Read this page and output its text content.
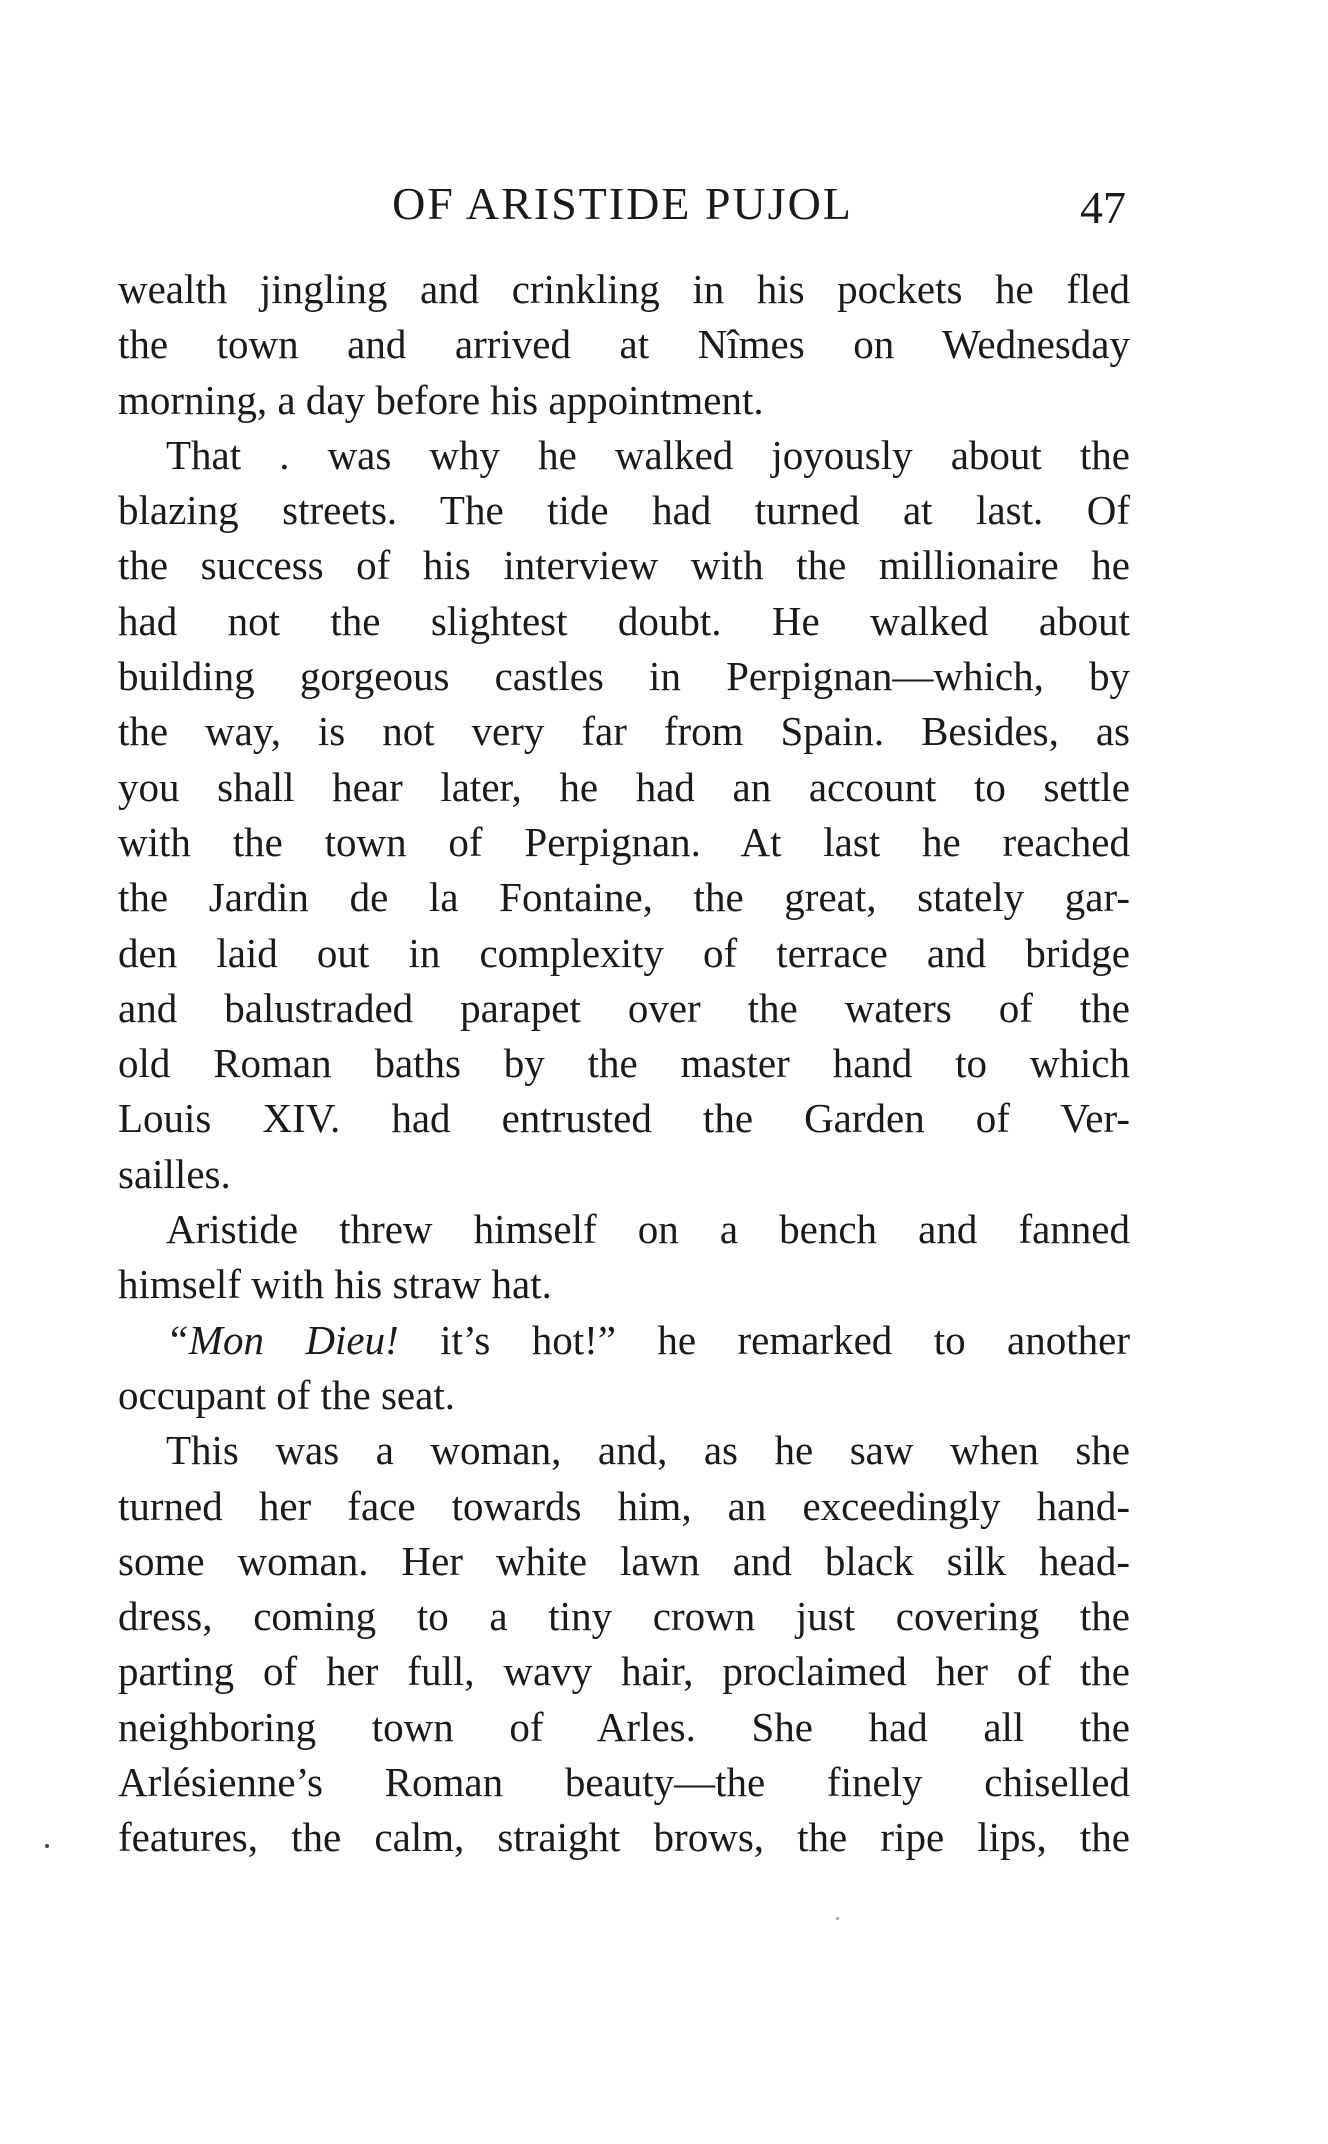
OF ARISTIDE PUJOL	47
wealth jingling and crinkling in his pockets he fled
the town and arrived at Nîmes on Wednesday
morning, a day before his appointment.
That . was why he walked joyously about the
blazing streets. The tide had turned at last. Of
the success of his interview with the millionaire he
had not the slightest doubt. He walked about
building gorgeous castles in Perpignan—which, by
the way, is not very far from Spain. Besides, as
you shall hear later, he had an account to settle
with the town of Perpignan. At last he reached
the Jardin de la Fontaine, the great, stately gar-
den laid out in complexity of terrace and bridge
and balustraded parapet over the waters of the
old Roman baths by the master hand to which
Louis XIV. had entrusted the Garden of Ver-
sailles.
Aristide threw himself on a bench and fanned
himself with his straw hat.
“Mon Dieu! it’s hot!” he remarked to another
occupant of the seat.
This was a woman, and, as he saw when she
turned her face towards him, an exceedingly hand-
some woman. Her white lawn and black silk head-
dress, coming to a tiny crown just covering the
parting of her full, wavy hair, proclaimed her of the
neighboring town of Arles. She had all the
Arlésienne’s Roman beauty—the finely chiselled
features, the calm, straight brows, the ripe lips, the
